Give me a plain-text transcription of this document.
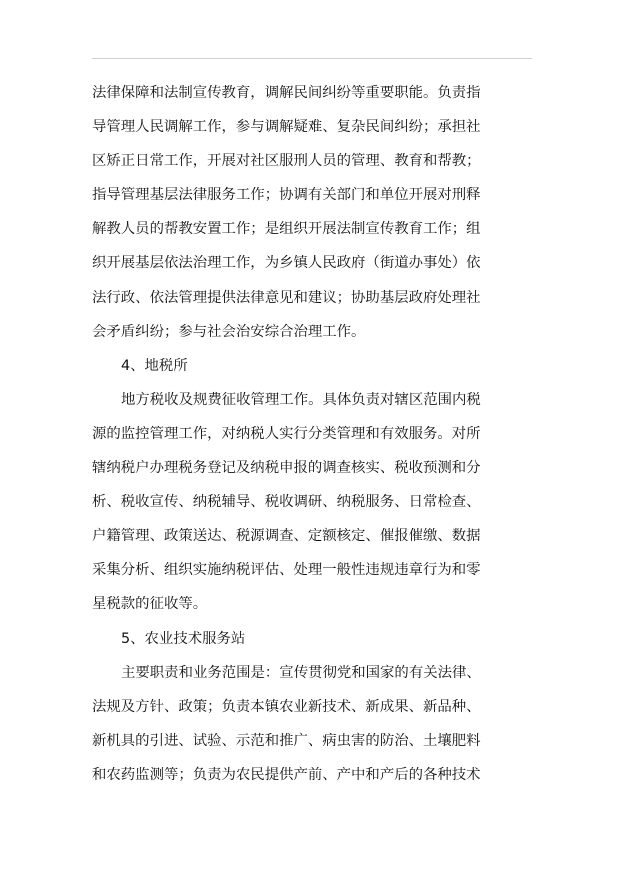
法律保障和法制宣传教育，调解民间纠纷等重要职能。负责指
导管理人民调解工作，参与调解疑难、复杂民间纠纷；承担社
区矫正日常工作，开展对社区服刑人员的管理、教育和帮教；
指导管理基层法律服务工作；协调有关部门和单位开展对刑释
解教人员的帮教安置工作；是组织开展法制宣传教育工作；组
织开展基层依法治理工作，为乡镇人民政府（街道办事处）依
法行政、依法管理提供法律意见和建议；协助基层政府处理社
会矛盾纠纷；参与社会治安综合治理工作。
4、地税所
地方税收及规费征收管理工作。具体负责对辖区范围内税
源的监控管理工作，对纳税人实行分类管理和有效服务。对所
辖纳税户办理税务登记及纳税申报的调查核实、税收预测和分
析、税收宣传、纳税辅导、税收调研、纳税服务、日常检查、
户籍管理、政策送达、税源调查、定额核定、催报催缴、数据
采集分析、组织实施纳税评估、处理一般性违规违章行为和零
星税款的征收等。
5、农业技术服务站
主要职责和业务范围是：宣传贯彻党和国家的有关法律、
法规及方针、政策；负责本镇农业新技术、新成果、新品种、
新机具的引进、试验、示范和推广、病虫害的防治、土壤肥料
和农药监测等；负责为农民提供产前、产中和产后的各种技术
